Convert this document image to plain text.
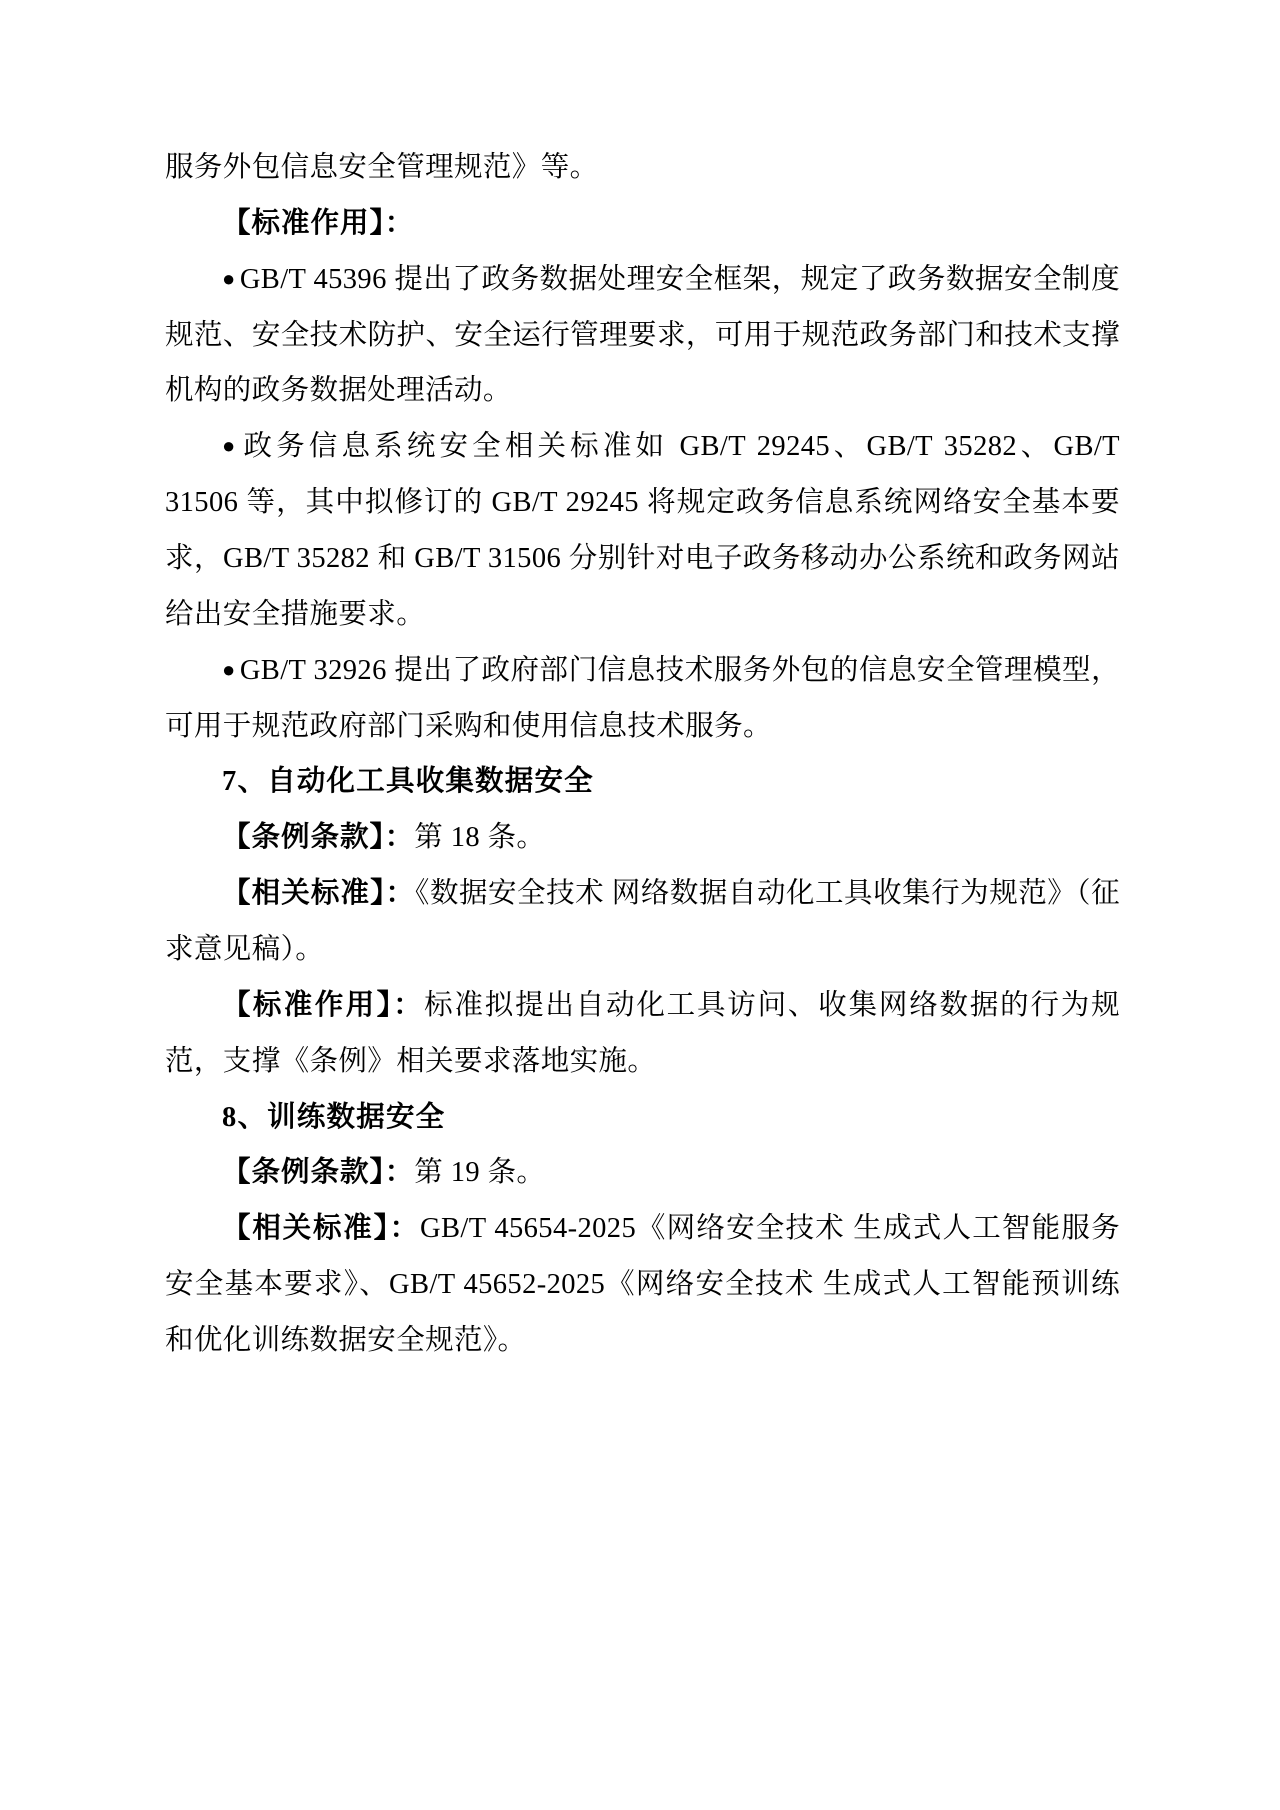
服务外包信息安全管理规范》等。

【标准作用】：

● GB/T 45396 提出了政务数据处理安全框架，规定了政务数据安全制度规范、安全技术防护、安全运行管理要求，可用于规范政务部门和技术支撑机构的政务数据处理活动。

● 政务信息系统安全相关标准如 GB/T 29245、GB/T 35282、GB/T 31506 等，其中拟修订的 GB/T 29245 将规定政务信息系统网络安全基本要求，GB/T 35282 和 GB/T 31506 分别针对电子政务移动办公系统和政务网站给出安全措施要求。

● GB/T 32926 提出了政府部门信息技术服务外包的信息安全管理模型，可用于规范政府部门采购和使用信息技术服务。

7、自动化工具收集数据安全

【条例条款】：第 18 条。

【相关标准】：《数据安全技术 网络数据自动化工具收集行为规范》（征求意见稿）。

【标准作用】：标准拟提出自动化工具访问、收集网络数据的行为规范，支撑《条例》相关要求落地实施。

8、训练数据安全

【条例条款】：第 19 条。

【相关标准】：GB/T 45654-2025《网络安全技术 生成式人工智能服务安全基本要求》、GB/T 45652-2025《网络安全技术 生成式人工智能预训练和优化训练数据安全规范》。
